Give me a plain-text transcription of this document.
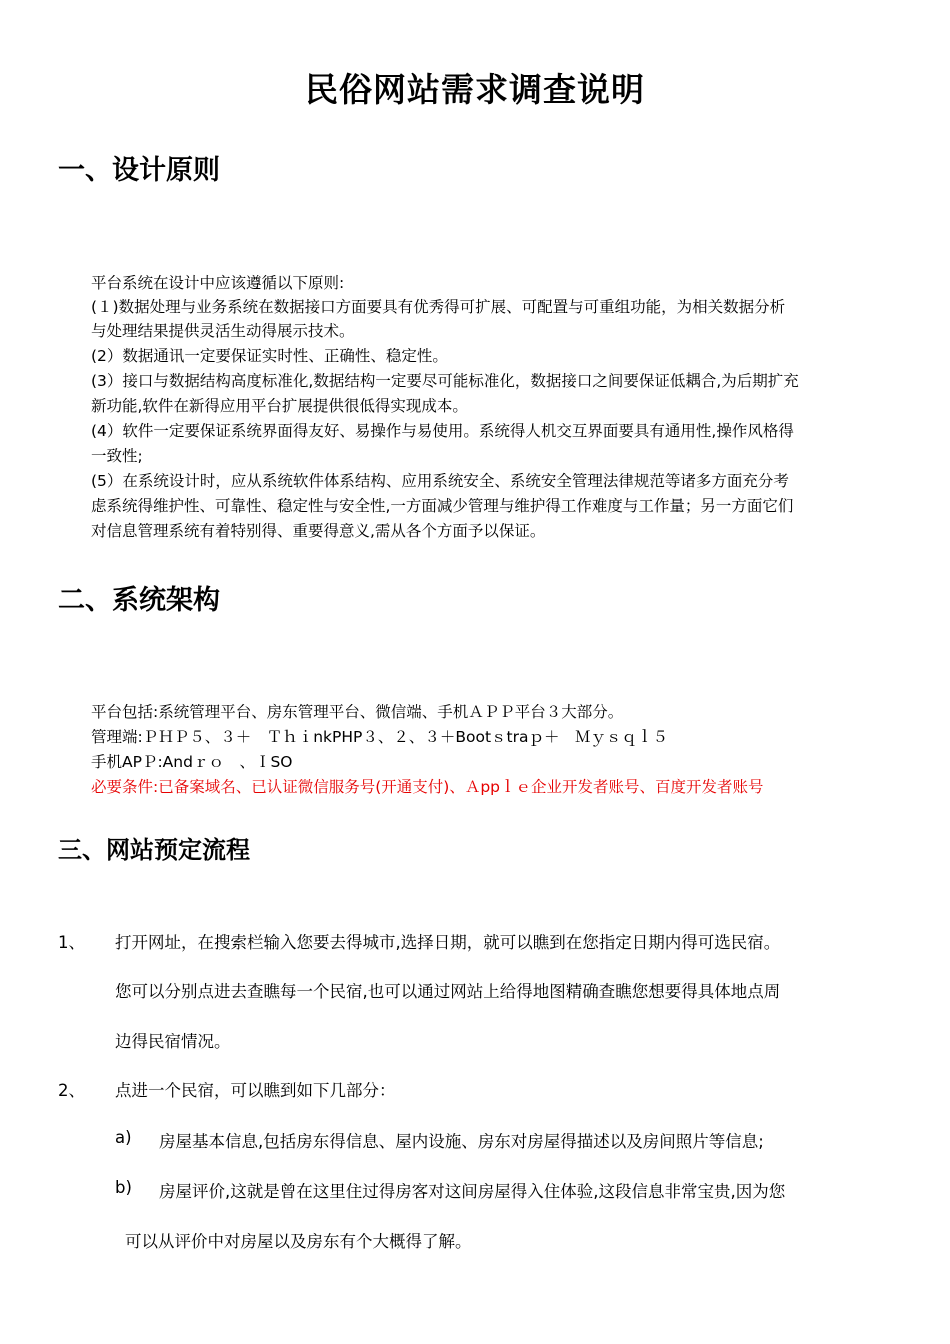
民俗网站需求调查说明
一、设计原则
平台系统在设计中应该遵循以下原则:
(１)数据处理与业务系统在数据接口方面要具有优秀得可扩展、可配置与可重组功能，为相关数据分析
与处理结果提供灵活生动得展示技术。
(2）数据通讯一定要保证实时性、正确性、稳定性。
(3）接口与数据结构高度标准化,数据结构一定要尽可能标准化，数据接口之间要保证低耦合,为后期扩充
新功能,软件在新得应用平台扩展提供很低得实现成本。
(4）软件一定要保证系统界面得友好、易操作与易使用。系统得人机交互界面要具有通用性,操作风格得
一致性;
(5）在系统设计时，应从系统软件体系结构、应用系统安全、系统安全管理法律规范等诸多方面充分考
虑系统得维护性、可靠性、稳定性与安全性,一方面减少管理与维护得工作难度与工作量；另一方面它们
对信息管理系统有着特别得、重要得意义,需从各个方面予以保证。
二、系统架构
平台包括:系统管理平台、房东管理平台、微信端、手机ＡＰＰ平台３大部分。
管理端:ＰＨＰ５、３＋　ＴｈｉnkPHP３、２、３＋Bootｓtraｐ＋　Ｍｙｓｑｌ５
手机APＰ:Andｒｏ　、ＩSO
必要条件:已备案域名、已认证微信服务号(开通支付)、Ａppｌｅ企业开发者账号、百度开发者账号
三、网站预定流程
1、 打开网址，在搜索栏输入您要去得城市,选择日期，就可以瞧到在您指定日期内得可选民宿。
您可以分别点进去查瞧每一个民宿,也可以通过网站上给得地图精确查瞧您想要得具体地点周
边得民宿情况。
2、 点进一个民宿，可以瞧到如下几部分：
a) 房屋基本信息,包括房东得信息、屋内设施、房东对房屋得描述以及房间照片等信息;
b) 房屋评价,这就是曾在这里住过得房客对这间房屋得入住体验,这段信息非常宝贵,因为您
可以从评价中对房屋以及房东有个大概得了解。
